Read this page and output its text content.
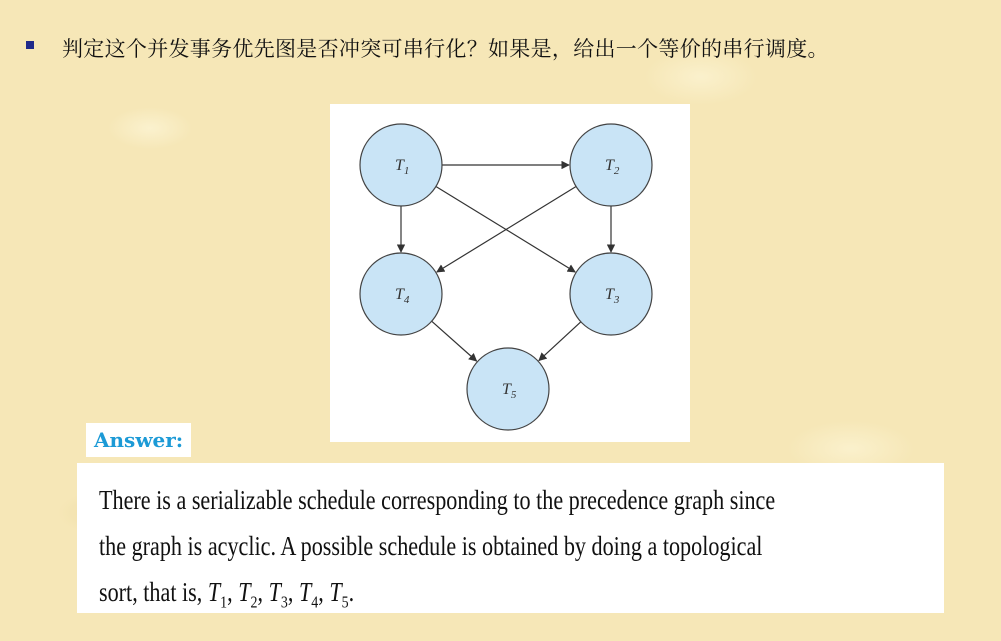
判定这个并发事务优先图是否冲突可串行化？如果是，给出一个等价的串行调度。
$T_1$	$T_2$
$T_4$	$T_3$
$T_5$
Answer:
There is a serializable schedule corresponding to the precedence graph since
the graph is acyclic. A possible schedule is obtained by doing a topological
sort, that is, $T_1$, $T_2$, $T_3$, $T_4$, $T_5$.
